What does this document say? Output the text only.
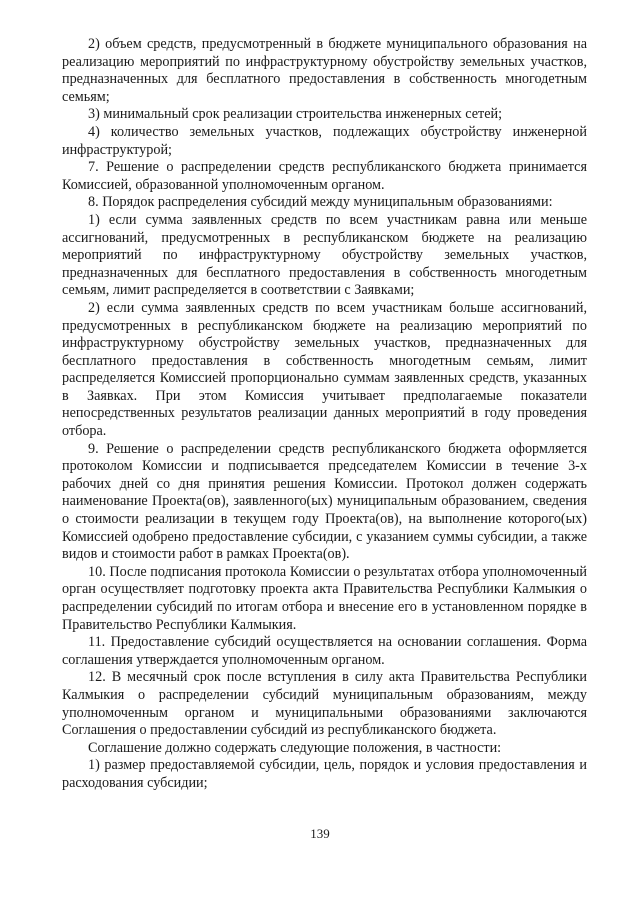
2) объем средств, предусмотренный в бюджете муниципального образования на реализацию мероприятий по инфраструктурному обустройству земельных участков, предназначенных для бесплатного предоставления в собственность многодетным семьям;

3) минимальный срок реализации строительства инженерных сетей;

4) количество земельных участков, подлежащих обустройству инженерной инфраструктурой;

7. Решение о распределении средств республиканского бюджета принимается Комиссией, образованной уполномоченным органом.

8. Порядок распределения субсидий между муниципальным образованиями:

1) если сумма заявленных средств по всем участникам равна или меньше ассигнований, предусмотренных в республиканском бюджете на реализацию мероприятий по инфраструктурному обустройству земельных участков, предназначенных для бесплатного предоставления в собственность многодетным семьям, лимит распределяется в соответствии с Заявками;

2) если сумма заявленных средств по всем участникам больше ассигнований, предусмотренных в республиканском бюджете на реализацию мероприятий по инфраструктурному обустройству земельных участков, предназначенных для бесплатного предоставления в собственность многодетным семьям, лимит распределяется Комиссией пропорционально суммам заявленных средств, указанных в Заявках. При этом Комиссия учитывает предполагаемые показатели непосредственных результатов реализации данных мероприятий в году проведения отбора.

9. Решение о распределении средств республиканского бюджета оформляется протоколом Комиссии и подписывается председателем Комиссии в течение 3-х рабочих дней со дня принятия решения Комиссии. Протокол должен содержать наименование Проекта(ов), заявленного(ых) муниципальным образованием, сведения о стоимости реализации в текущем году Проекта(ов), на выполнение которого(ых) Комиссией одобрено предоставление субсидии, с указанием суммы субсидии, а также видов и стоимости работ в рамках Проекта(ов).

10. После подписания протокола Комиссии о результатах отбора уполномоченный орган осуществляет подготовку проекта акта Правительства Республики Калмыкия о распределении субсидий по итогам отбора и внесение его в установленном порядке в Правительство Республики Калмыкия.

11. Предоставление субсидий осуществляется на основании соглашения. Форма соглашения утверждается уполномоченным органом.

12. В месячный срок после вступления в силу акта Правительства Республики Калмыкия о распределении субсидий муниципальным образованиям, между уполномоченным органом и муниципальными образованиями заключаются Соглашения о предоставлении субсидий из республиканского бюджета.

Соглашение должно содержать следующие положения, в частности:

1) размер предоставляемой субсидии, цель, порядок и условия предоставления и расходования субсидии;

139
